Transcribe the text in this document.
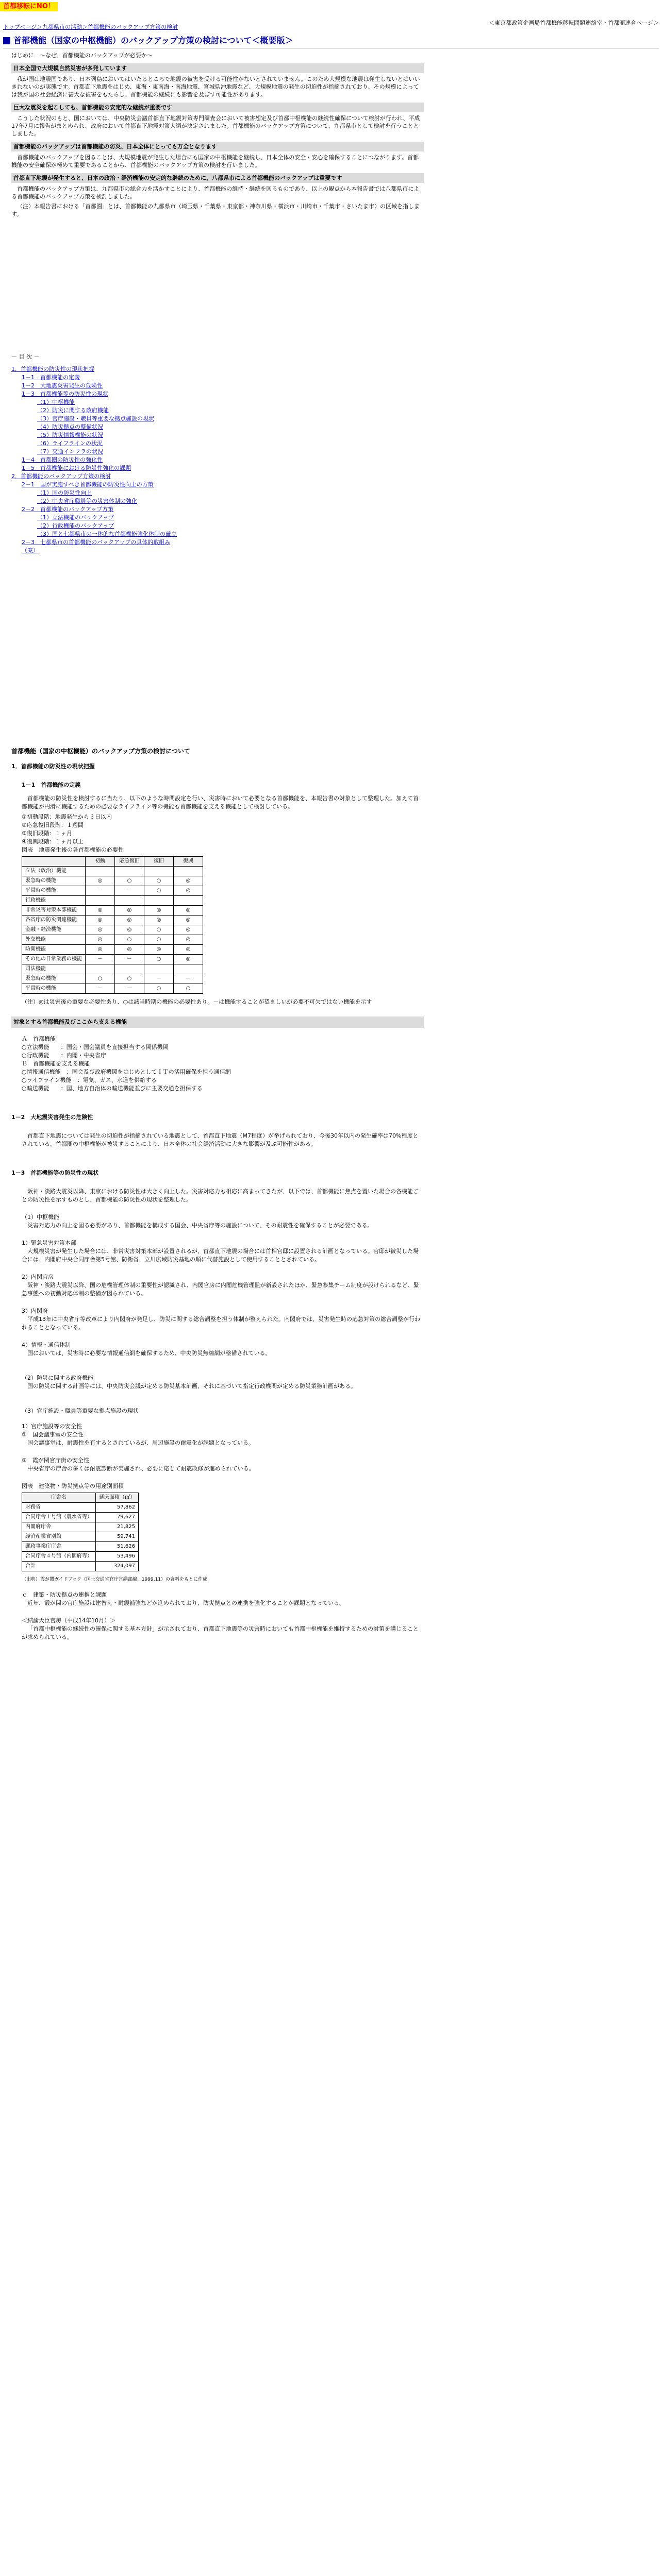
首都移転にNO！
＜東京都政策企画局首都機能移転問題連絡室・首都圏連合ページ＞
トップページ＞九都県市の活動＞首都機能のバックアップ方策の検討
首都機能（国家の中枢機能）のバックアップ方策の検討について＜概要版＞
はじめに　～なぜ、首都機能のバックアップが必要か～
日本全国で大規模自然災害が多発しています
我が国は地震国であり、日本列島においてはいたるところで地震の被害を受ける可能性がないとされていません。このため大規模な地震は発生しないとはいいきれないのが実態です。首都直下地震をはじめ、東海・東南海・南海地震、宮城県沖地震など、大規模地震の発生の切迫性が指摘されており、その規模によっては我が国の社会経済に甚大な被害をもたらし、首都機能の継続にも影響を及ぼす可能性があります。
巨大な震災を起こしても、首都機能の安定的な継続が重要です
こうした状況のもと、国においては、中央防災会議首都直下地震対策専門調査会において被害想定及び首都中枢機能の継続性確保について検討が行われ、平成17年7月に報告がまとめられ、政府において首都直下地震対策大綱が決定されました。首都機能のバックアップ方策について、九都県市として検討を行うこととしました。
首都機能のバックアップは首都機能の防災、日本全体にとっても万全となります
首都機能のバックアップを図ることは、大規模地震が発生した場合にも国家の中枢機能を継続し、日本全体の安全・安心を確保することにつながります。首都機能の安全確保が極めて重要であることから、首都機能のバックアップ方策の検討を行いました。
首都直下地震が発生すると、日本の政治・経済機能の安定的な継続のために、八都県市による首都機能のバックアップは重要です
首都機能のバックアップ方策は、九都県市の総合力を活かすことにより、首都機能の維持・継続を図るものであり、以上の観点から本報告書では八都県市による首都機能のバックアップ方策を検討しました。
（注）本報告書における「首都圏」とは、首都機能の九都県市（埼玉県・千葉県・東京都・神奈川県・横浜市・川崎市・千葉市・さいたま市）の区域を指します。
－ 目 次 －
1．首都機能の防災性の現状把握
1－1　首都機能の定義
1－2　大地震災害発生の危険性
1－3　首都機能等の防災性の現状
（1）中枢機能
（2）防災に関する政府機能
（3）官庁施設・職員等重要な拠点施設の現状
（4）防災拠点の整備状況
（5）防災情報機能の状況
（6）ライフラインの状況
（7）交通インフラの状況
1－4　首都圏の防災性の強化性
1－5　首都機能における防災性強化の課題
2．首都機能のバックアップ方策の検討
2－1　国が実施すべき首都機能の防災性向上の方策
（1）国の防災性向上
（2）中央省庁職員等の災害体制の強化
2－2　首都機能のバックアップ方策
（1）立法機能のバックアップ
（2）行政機能のバックアップ
（3）国と七都県市の一体的な首都機能強化体制の確立
2－3　七都県市の首都機能のバックアップの具体的取組み
（案）
首都機能（国家の中枢機能）のバックアップ方策の検討について
1．首都機能の防災性の現状把握
1－1　首都機能の定義
首都機能の防災性を検討するに当たり、以下のような時間設定を行い、災害時において必要となる首都機能を、本報告書の対象として整理した。加えて首都機能が円滑に機能するための必要なライフライン等の機能も首都機能を支える機能として検討している。
①初動段階：地震発生から３日以内
②応急復旧段階：１週間
③復旧段階：１ヶ月
④復興段階：１ヶ月以上
図表　地震発生後の各首都機能の必要性
	初動	応急復旧	復旧	復興
立法（政治）機能				
緊急時の機能	◎	○	○	◎
平常時の機能	－	－	○	◎
行政機能				
非常災害対策本部機能	◎	◎	◎	◎
各省庁の防災関連機能	◎	◎	◎	◎
金融・経済機能	◎	◎	○	◎
外交機能	◎	○	○	◎
防衛機能	◎	◎	◎	◎
その他の日常業務の機能	－	－	○	◎
司法機能				
緊急時の機能	○	○	－	－
平常時の機能	－	－	○	○
（注）◎は災害後の重要な必要性あり、○は該当時期の機能の必要性あり。－は機能することが望ましいが必要不可欠ではない機能を示す
対象とする首都機能及びここから支える機能
Ａ　首都機能
○立法機能　　：国会・国会議員を直接担当する関係機関
○行政機能　　：内閣・中央省庁
Ｂ　首都機能を支える機能
○情報通信機能　：国会及び政府機関をはじめとしてＩＴの活用確保を担う通信網
○ライフライン機能　：電気、ガス、水道を供給する
○輸送機能　　：国、地方自治体の輸送機能並びに主要交通を担保する
1－2　大地震災害発生の危険性
首都直下地震については発生の切迫性が指摘されている地震として、首都直下地震（M7程度）が挙げられており、今後30年以内の発生確率は70%程度とされている。首都圏の中枢機能が被災することにより、日本全体の社会経済活動に大きな影響が及ぶ可能性がある。
1－3　首都機能等の防災性の現状
阪神・淡路大震災以降、東京における防災性は大きく向上した。災害対応力も相応に高まってきたが、以下では、首都機能に焦点を置いた場合の各機能ごとの防災性を示すものとし、首都機能の防災性の現状を整理した。
（1）中枢機能
災害対応力の向上を図る必要があり、首都機能を構成する国会、中央省庁等の施設について、その耐震性を確保することが必要である。
1）緊急災害対策本部
大規模災害が発生した場合には、非常災害対策本部が設置されるが、首都直下地震の場合には首相官邸に設置される計画となっている。官邸が被災した場合には、内閣府中央合同庁舎第5号館、防衛省、立川広域防災基地の順に代替施設として使用することとされている。
2）内閣官房
阪神・淡路大震災以降、国の危機管理体制の重要性が認識され、内閣官房に内閣危機管理監が新設されたほか、緊急参集チーム制度が設けられるなど、緊急事態への初動対応体制の整備が図られている。
3）内閣府
平成13年に中央省庁等改革により内閣府が発足し、防災に関する総合調整を担う体制が整えられた。内閣府では、災害発生時の応急対策の総合調整が行われることとなっている。
4）情報・通信体制
国においては、災害時に必要な情報通信網を確保するため、中央防災無線網が整備されている。
（2）防災に関する政府機能
国の防災に関する計画等には、中央防災会議が定める防災基本計画、それに基づいて指定行政機関が定める防災業務計画がある。
（3）官庁施設・職員等重要な拠点施設の現状
1）官庁施設等の安全性
①　国会議事堂の安全性
国会議事堂は、耐震性を有するとされているが、周辺施設の耐震化が課題となっている。
②　霞が関官庁街の安全性
中央省庁の庁舎の多くは耐震診断が実施され、必要に応じて耐震改修が進められている。
図表　建築物・防災拠点等の用途別面積
庁舎名	延床面積（㎡）
財務省	57,862
合同庁舎１号館（農水省等）	79,627
内閣府庁舎	21,825
経済産業省別館	59,741
郵政事業庁庁舎	51,626
合同庁舎４号館（内閣府等）	53,496
合計	324,097
（出典）霞が関ガイドブック（国土交通省官庁営繕部編、1999.11）の資料をもとに作成
ｃ　建築・防災拠点の連携と課題
近年、霞が関の官庁施設は建替え・耐震補強などが進められており、防災拠点との連携を強化することが課題となっている。
＜結論大臣官房（平成14年10月）＞
「首都中枢機能の継続性の確保に関する基本方針」が示されており、首都直下地震等の災害時においても首都中枢機能を維持するための対策を講じることが求められている。
